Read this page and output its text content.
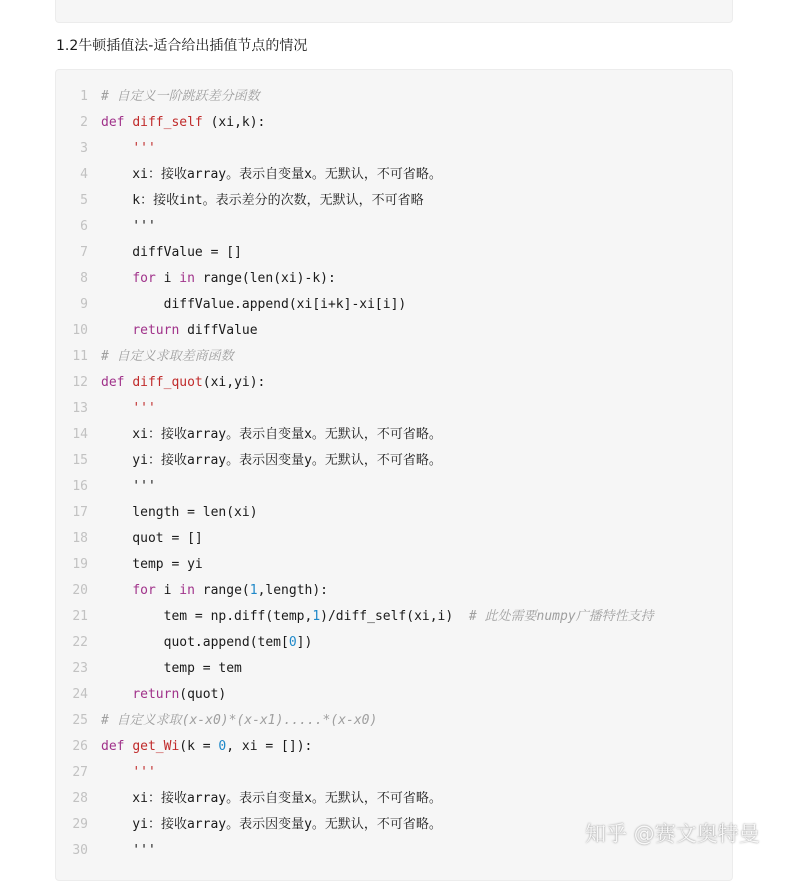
1.2牛顿插值法-适合给出插值节点的情况
1 # 自定义一阶跳跃差分函数
2 def diff_self (xi,k):
3	'''
4 xi：接收array。表示自变量x。无默认，不可省略。
5 k：接收int。表示差分的次数，无默认，不可省略
6 '''
7 diffValue = []
8	for i in range(len(xi)-k):
9 diffValue.append(xi[i+k]-xi[i])
10	return diffValue
11 # 自定义求取差商函数
12 def diff_quot(xi,yi):
13	'''
14 xi：接收array。表示自变量x。无默认，不可省略。
15 yi：接收array。表示因变量y。无默认，不可省略。
16 '''
17 length = len(xi)
18 quot = []
19 temp = yi
20	for i in range(1,length):
21 tem = np.diff(temp,1)/diff_self(xi,i)  # 此处需要numpy广播特性支持
22 quot.append(tem[0])
23 temp = tem
24	return(quot)
25 # 自定义求取(x-x0)*(x-x1).....*(x-x0)
26 def get_Wi(k = 0, xi = []):
27	'''
28 xi：接收array。表示自变量x。无默认，不可省略。
29 yi：接收array。表示因变量y。无默认，不可省略。
30 '''
知乎 @赛文奥特曼
